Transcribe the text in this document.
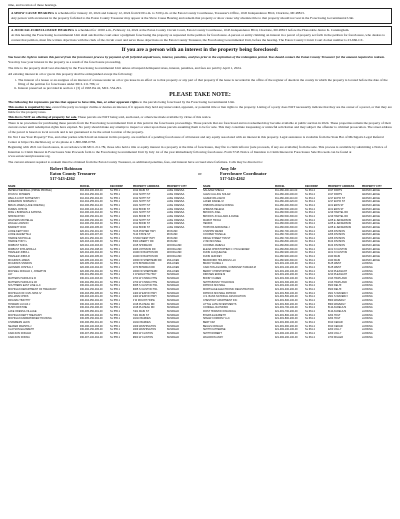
time, and location of these hearings.

A SHOW CAUSE HEARING is scheduled for January 10, 2024 and January 12, 2024 from 9:00 a.m. to 3:00 p.m. at the Eaton County Courthouse, Treasurer's Office, 1045 Independence Blvd, Charlotte, MI 48813.

Any person with an interest in the property forfeited to the Eaton County Treasurer may appear at the Show Cause Hearing and redeem that property or show cause why absolute title to that property should not vest in the Foreclosing Governmental Unit.

A JUDICIAL FORECLOSURE HEARING is scheduled for 10:00 a.m., February 14, 2024 at the Eaton County Circuit Court, Eaton County Courthouse, 1045 Independence Blvd, Charlotte, MI 48813 before the Honorable Janice K. Cunningham.

At this hearing the Foreclosing Governmental Unit shall ask that the court enter a judgment foreclosing the property as requested in the petition for foreclosure. A person or entity claiming an interest in a parcel of property set forth in the petition for foreclosure, who desires to contest that petition, must file written objections with the clerk of the circuit court and serve those objections on the Eaton County Treasurer, the Foreclosing Governmental Unit, before the hearing. The Eaton County Circuit Court docket number is 23-666-CZ.

If you are a person with an interest in the property being foreclosed:

You have the right to redeem this parcel from the foreclosure process by payment of all forfeited unpaid taxes, interest, penalties, and fees prior to the expiration of the redemption period. You should contact the Eaton County Treasurer for the amount required to redeem.

You may lose your interest in the property as a result of the foreclosure proceeding.

The title to the property shall vest absolutely in the Foreclosing Governmental Unit unless all unpaid delinquent taxes, interest, penalties, and fees are paid by April 1, 2024.

All existing interest in oil or gas in this property shall be extinguished except the following:

i. The interest of a lessee or an assignee of an interest of a lessee under an oil or gas lease in an effect as to that property or any part of that property if the lease is recorded in the office of the register of deeds in the county in which the property is located before the date of the filing of the petition for foreclosure under MCL 211.78h; or
ii. Interest preserved as provided in section 1 (3) of 1963 PA 42, MCL 554.291.
PLEASE TAKE NOTE:

The following list represents parties that appear to have title, lien, or other apparent rights to the parcels being foreclosed by the Foreclosing Governmental Unit.

This notice is required by law, even if the party no longer claims or desires an interest, if it appears they hold any unrecorded, apparent, or potential title or lien rights to the property. Listing of a party does NOT necessarily indicate that they are the owner of a parcel, or that they are liable for the property taxes.

This list is NOT an offering of property for sale. These parcels are NOT being sold, auctioned, or otherwise made available by virtue of this notice.

There is no procedure for purchasing these parcels from the Foreclosing Governmental Unit at this point in the foreclosure proceedings. Those parcels that are foreclosed and not redeemed may become available at public auction in 2024. These properties remain the property of their current owner until redemption rights have expired. No party should make any attempt to inspect or enter upon these parcels assuming them to be for sale. This may constitute trespassing or unlawful solicitation and may subject the offender to criminal prosecution. The street address of the parcel is based on local records and is not guaranteed to be the actual location of the property.

Do Not I use Your Property? You, and other parties which hold an interest in this property, are notified of a pending foreclosure of all interest and any equity associated with an interest in this property. Legal assistance is available from the State Bar of Michigan's Legal Referral Center at https://lrs.michbar.org or via phone at 1-800-968-0738.

Beginning with 2021 tax foreclosures, in accordance with MCL 211.78t, those who held a title or equity interest in a property at the time of foreclosure, may file to claim leftover (sale proceeds, if any are available) from the sale. This process is available by submitting a Notice of Intention to Claim Interest in Foreclosure Sale Proceeds form to the Foreclosing Governmental Unit by July 1st of the year immediately following foreclosure. Form 5743 Notice of Intention to Claim Interest in Foreclosure Sale Proceeds can be found at www.eatoncountytreasurer.org.

The current amount required to redeem must be obtained from the Eaton County Treasurer, as additional penalties, fees, and interest have accrued since forfeiture. Calls may be directed to:

Robert Robinson
Eaton County Treasurer
517-543-4262
or
Amy Ide
Foreclosure Coordinator
517-543-4262
NAME	PARCEL	DEC/RDSP	PROPERTY ADDRESS	PROPERTY CITY
ZEPEDA WENDELL (PRIME PROBLE)	010-004-200-003-00	SL 555.1	1012 MAIN ST	LAKE ODESSA
RYAN M. DOWERS	010-004-250-002-00	SL 555.1	1012 SIXTH ST	LAKE ODESSA
WELLS LOCH SCHNETZKY	010-004-250-004-00	SL 555.1	1012 SIXTH ST	LAKE ODESSA
ANDERSON NORMAN C	010-004-255-001-00	SL 555.1	1021 SIXTH ST	LAKE ODESSA
BRIAN JAMES (LAKE ODESSA)	010-006-050-012-00	SL 555.1	1021 SIXTH ST	LAKE ODESSA
DUREN JOHN M	010-006-100-014-00	SL 555.1	1012 BOND ST	LAKE ODESSA
MIKE L BORMAN & KATRINA	010-006-100-016-00	SL 555.1	1021 SIXTH ST	LAKE ODESSA
SPRINGSTON	010-006-150-001-00	SL 555.1	1021 BOND ST	LAKE ODESSA
WALTERS MICHELLE	010-006-150-002-00	SL 555.1	1012 SIXTH ST	LAKE ODESSA
WAGLE LAWSON	010-006-150-003-00	SL 555.1	1012 BOND ST	LAKE ODESSA
BARRETT RICK	010-006-200-005-00	SL 555.1	1012 BOND ST	LAKE ODESSA
LOWE KEITH RAY	020-001-150-001-00	SL 555.1	7106 PORTER HWY	ROXAND
LOWE JEANETTE A	020-001-200-007-00	SL 555.1	7110 STATE ST	ROXAND
HARDIE NICHOLLE	020-001-250-002-00	SL 555.1	N 5340 WEST HWY	ROXAND
HARDIE TONY L	020-003-100-006-00	SL 555.1	5300 LIBERTY RD	ROXAND
MIDBUST SOFIA	020-004-100-003-00	SL 555.1	1015 SHORE RD	WOODLAND
MIDBUST RITA APRILLA	020-004-150-008-00	SL 555.1	2006 JOHNSON RD	WOODLAND
TRESLER JOBIA L	020-004-200-004-00	SL 555.1	10400 W BARTON RD	WOODLAND
TRESLER JOBIA R	020-004-200-005-00	SL 555.1	10400 W BARTON RD	WOODLAND
MCGINNIS JAMES	020-005-100-002-00	SL 555.1	10600 W SHEPHERD RD	MULLIKEN
MCGINNIS SHARON	020-005-150-003-00	SL 555.1	1070 BOWMAN RD	MULLIKEN
LEONARD JOSHUA J	020-006-100-004-00	SL 555.1	1070 BOWMAN RD	MULLIKEN
MICHAEL DONALD J, JOSEPH M	020-006-150-002-00	SL 555.1	10600 W SHEPHERD	MULLIKEN
JAY	030-001-050-002-00	SL 555.1	0 CHARLOTTE HWY	SUNFIELD
MATTERS HAROLD E III	030-001-100-003-00	SL 555.1	1700 W CHARLOTTE	SUNFIELD
MATTERS HAROLD E JR	030-002-050-001-00	SL 555.1	1700 W CHARLOTTE	SUNFIELD
SOUTHERN EAST LINE LLC	030-002-100-002-00	SL 555.1	6065 S CLINTON TRL	SUNFIELD
MICHIGAN DEPARTMENT OF TREASURY	030-002-150-004-00	SL 555.1	6065 S CLINTON TRL	SUNFIELD
MICHIGAN OF CIVIL MISS IV	030-003-050-005-00	SL 555.1	1400 W EATON HWY	SUNFIELD
WILLIAMS CHRIS	030-003-100-001-00	SL 555.1	1400 W EATON HWY	SUNFIELD
FRIANZA TIMOTHY	030-004-050-002-00	SL 555.1	0 W MOUNT HOPE	SUNFIELD
HOWARD LUCAS J	030-004-100-003-00	SL 555.1	1018 PLATEAU RD	SUNFIELD
BUSH KRISTINE	030-004-150-006-00	SL 555.1	1018 PLATEAU RD	SUNFIELD
LAKE ODESSA VILLAGE	030-005-050-001-00	SL 555.1	7401 MAIN ST	SUNFIELD
MICHIGAN DEPT TREASURY	030-005-100-004-00	SL 555.1	7401 MAIN ST	SUNFIELD
MICHIGAN FARMWORKER HOUSING	030-005-150-002-00	SL 555.1	10210 BARNES	SUNFIELD
CHAMBERS LEON	030-006-050-001-00	SL 555.1	10210 BARNES	SUNFIELD
SEAKER MARSHA J	030-006-100-003-00	SL 555.1	1009 WASHINGTON	SUNFIELD
CLAYSON ELIZABETH	030-006-150-005-00	SL 555.1	1009 WASHINGTON	SUNFIELD
CARLSON DONALD	030-007-050-002-00	SL 555.1	9800 W CLINTON	SUNFIELD
CARLSON DONNA	030-007-100-004-00	SL 555.1	9800 W CLINTON	SUNFIELD
NAME	PARCEL	DEC/RDSP	PROPERTY ADDRESS	PROPERTY CITY
SALAZAR SHEILA	011-480-400-110-00	SL 661.2	1017 PARTS	GRAND LEDGE
GLEN CALLING SOLAR	011-480-400-200-00	SL 661.2	1017 PARTS	GRAND LEDGE
GAZER WILLIAM R	011-480-400-210-00	SL 661.2	1217 ECHO ST	GRAND LEDGE
LAKER DANIEL M	011-480-400-220-00	SL 661.2	1217 ECHO ST	GRAND LEDGE
OSBORN ADAM & DONNA	011-480-400-300-00	SL 661.2	1101 ERIN ST	GRAND LEDGE
AHRENS HELENA	011-480-500-100-00	SL 661.2	1101 ERIN ST	GRAND LEDGE
BROOKS JOEL	011-480-500-200-00	SL 661.2	1219 HARTEL RD	GRAND LEDGE
BROOKS JO ELLAND & DIANE	011-480-500-300-00	SL 661.2	1219 HARTEL RD	GRAND LEDGE
MARCH TRICIA	011-480-600-100-00	SL 661.2	1225 E JEFFERSON	GRAND LEDGE
HENRIK	011-480-600-200-00	SL 661.2	1225 E JEFFERSON	GRAND LEDGE
HOPKINS ADRIANNE J	011-480-600-300-00	SL 661.2	1225 E JEFFERSON	GRAND LEDGE
CHAPPIN WENDI	011-480-700-100-00	SL 661.2	1206 DIVISION	GRAND LEDGE
COOPER TOVELLE	011-480-700-200-00	SL 661.2	1206 DIVISION	GRAND LEDGE
RIDGE STREET TRUST	011-480-700-300-00	SL 661.2	1206 DIVISION	GRAND LEDGE
LYNN MICHAEL	011-480-800-100-00	SL 661.2	6104 DIVISION	GRAND LEDGE
COOPER JAMES A	011-480-800-200-00	SL 661.2	6104 DIVISION	GRAND LEDGE
ELENA CHRISTOPHER C / HUGUENIER	011-480-800-300-00	SL 661.2	1101 N CLINTON	GRAND LEDGE
DUNN JACQUELINE	011-480-900-100-00	SL 661.2	1101 N CLINTON	GRAND LEDGE
DUNN JEFFREY	011-480-900-200-00	SL 661.2	1040 MAIN	GRAND LEDGE
BRADFORD HOLDINGS LLC	011-480-900-300-00	SL 661.2	1040 MAIN	GRAND LEDGE
BRADY DANIEL J	021-481-100-100-00	SL 661.2	5125 WEST	LANSING
CARLTON-AGUIRRE, CUBANNAH TAMARA M	021-481-100-200-00	SL 661.2	5125 WEST	LANSING
BERRY CHRISTOPHER	021-481-200-100-00	SL 661.2	4210 PLEASANT	LANSING
DIRKSEN EDDIE M	021-481-200-200-00	SL 661.2	4210 PLEASANT	LANSING
BONNY KAREN	021-481-300-100-00	SL 661.2	1313 HIGHLAND	LANSING
SMITH-BONNY HOLDINGS	021-481-300-200-00	SL 661.2	1313 HIGHLAND	LANSING
PATRICK MICHAEL	021-481-400-100-00	SL 661.2	3600 DELHI	LANSING
MORTGAGE ELECTRONIC REGISTRATION	021-481-400-200-00	SL 661.2	3600 DELHI	LANSING
PATRICK MICHAEL PATRICK	021-481-500-100-00	SL 661.2	1601 S WAVERLY	LANSING
U.S. BANK NATIONAL ASSOCIATION	021-481-500-200-00	SL 661.2	1601 S WAVERLY	LANSING
CHESTNUT APARTMENT INC	021-481-600-100-00	SL 661.2	5800 WAVERLY	LANSING
LITTLE LATE INVESTMENTS	021-481-600-200-00	SL 661.2	5800 WAVERLY	LANSING
CONNELL RAYMOND	021-481-700-100-00	SL 661.2	5110 AURELIUS	LANSING
FIRST HORIZON FINANCIAL	021-481-700-200-00	SL 661.2	5110 AURELIUS	LANSING
BYERS ELIZABETH	021-481-800-100-00	SL 661.2	4204 HOLT	LANSING
SPEAR COMPANY LLC	021-481-800-200-00	SL 661.2	4204 HOLT	LANSING
BERT KIM	021-481-900-100-00	SL 661.2	3910 CEDAR	LANSING
BEGGS DONALD	021-481-900-200-00	SL 661.2	3910 CEDAR	LANSING
SMITH KATHERINE	021-482-100-100-00	SL 661.2	2200 JOLLY	LANSING
SMITH ROBERT	021-482-100-200-00	SL 661.2	2200 JOLLY	LANSING
WALDRON ANDY	021-482-200-100-00	SL 661.2	1700 MILLER	LANSING
